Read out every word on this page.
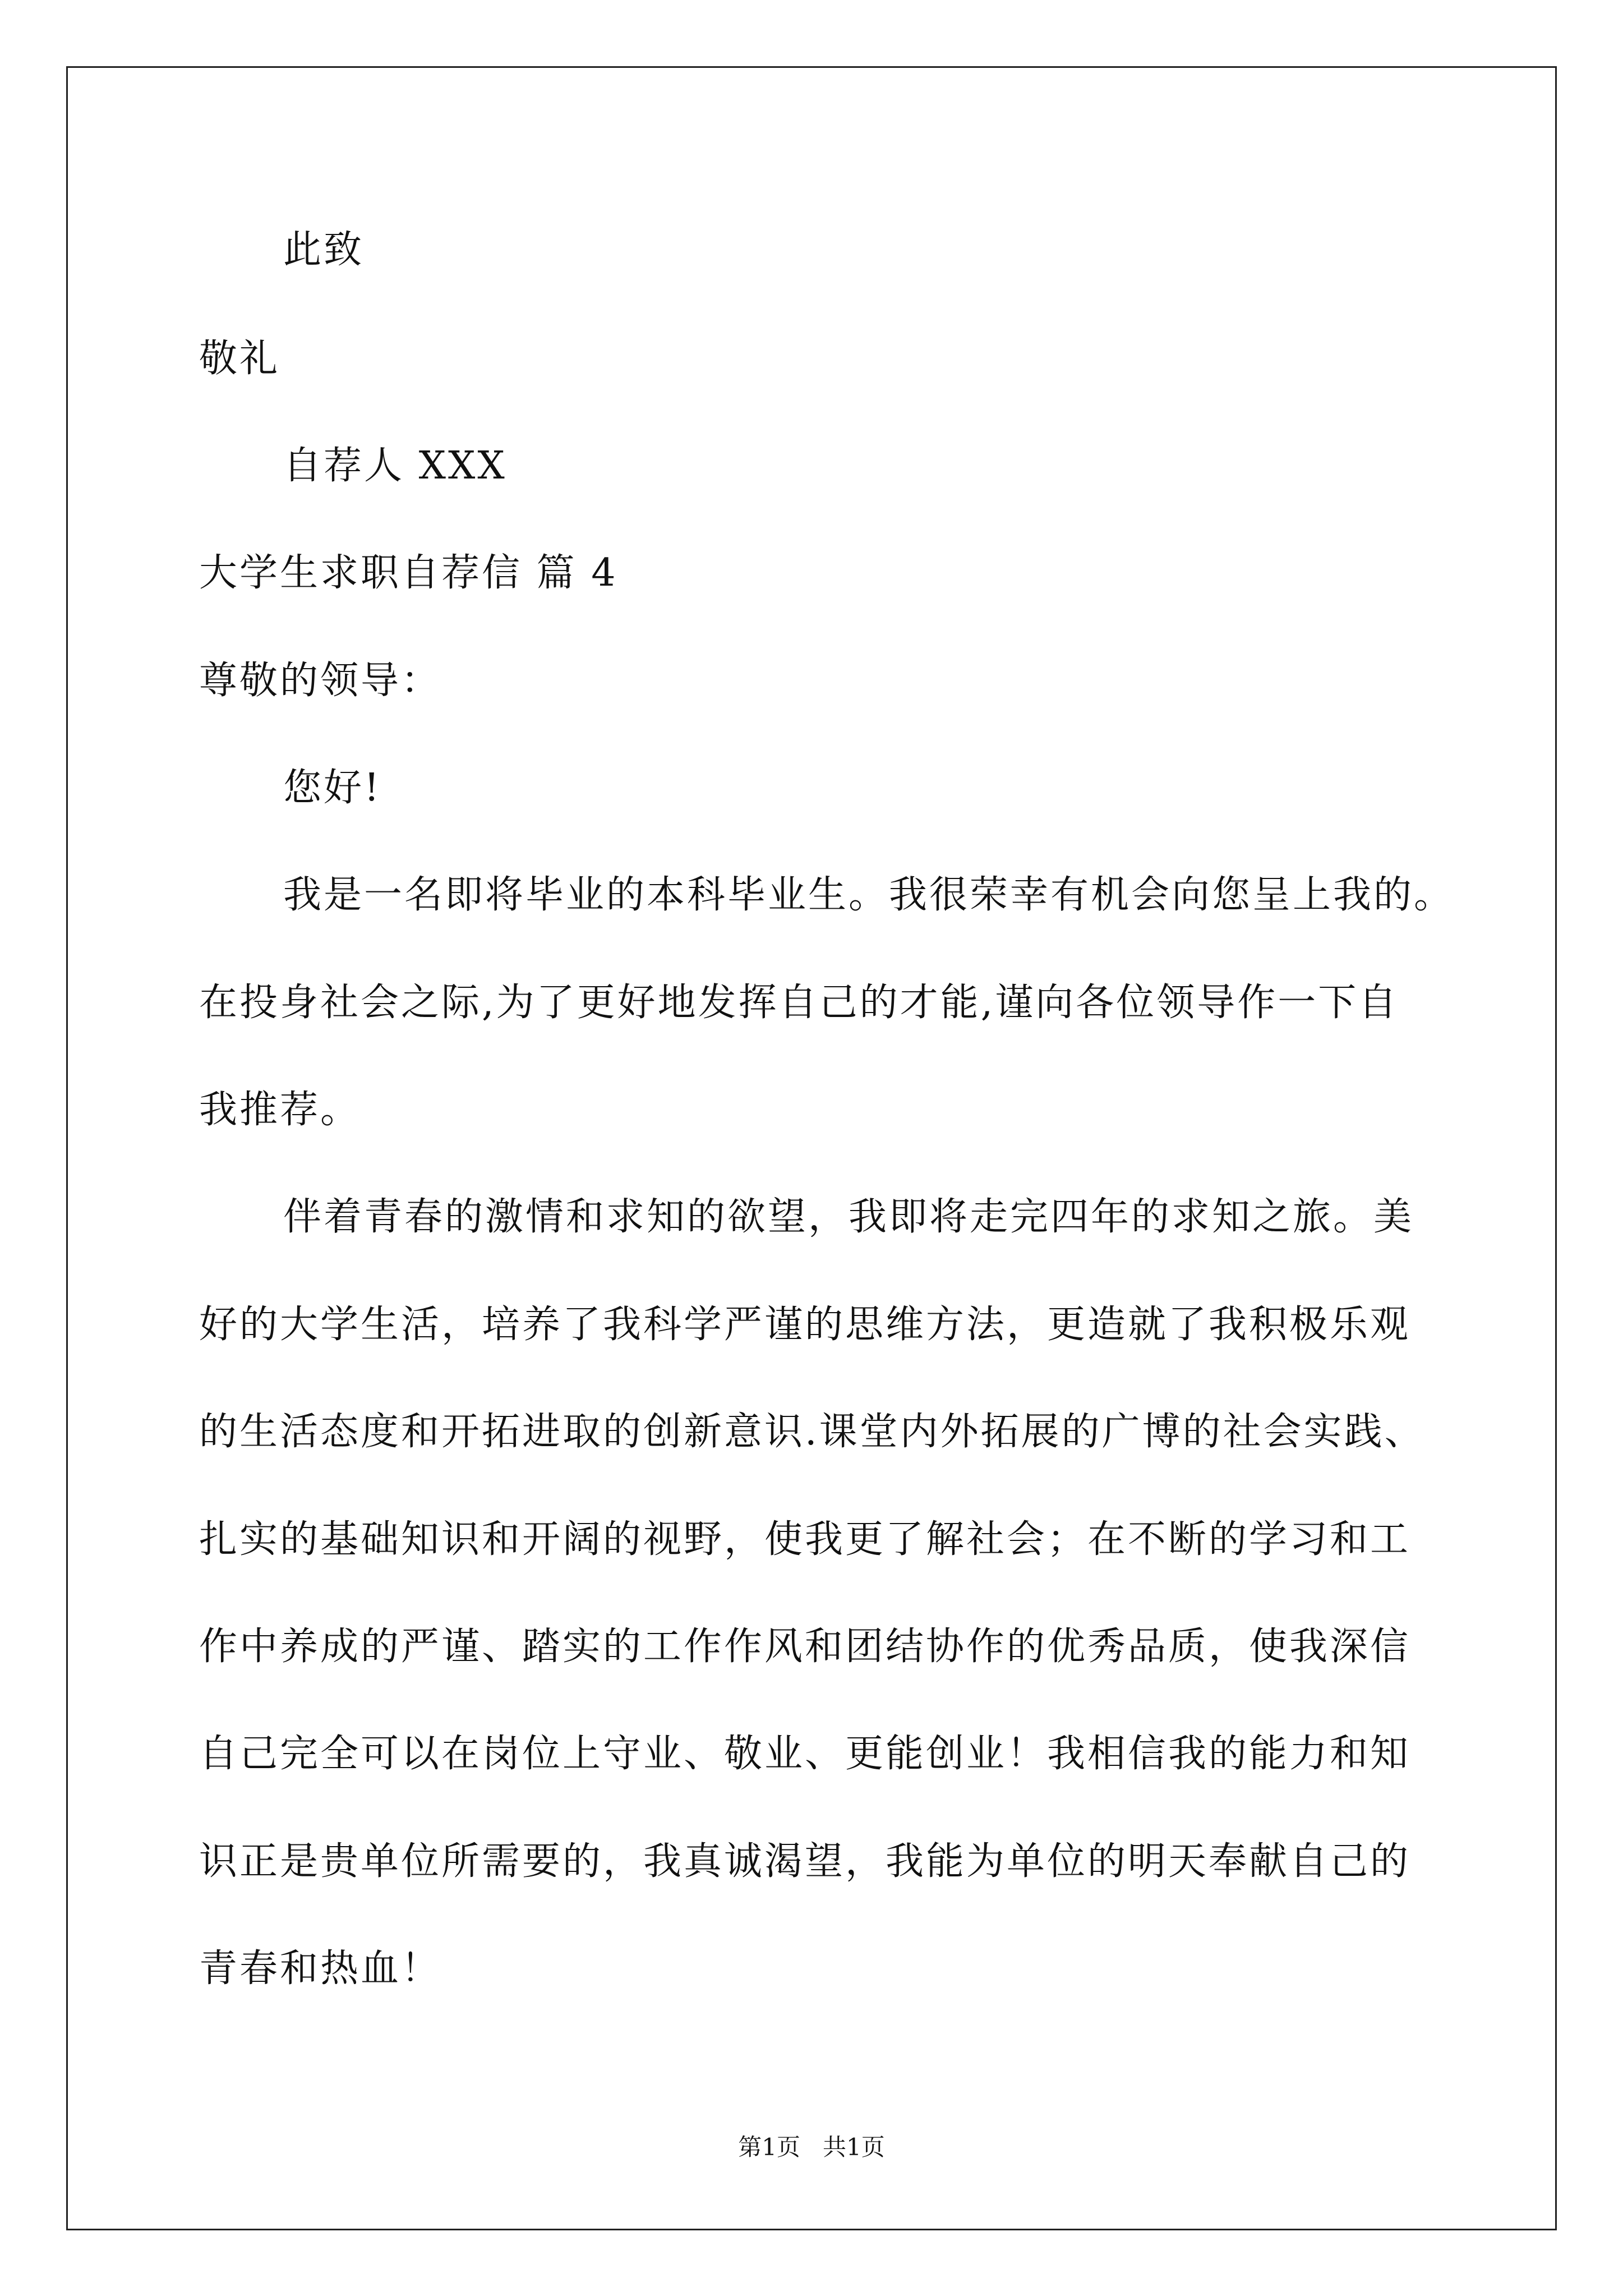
此致
敬礼
自荐人 XXX
大学生求职自荐信 篇 4
尊敬的领导：
您好!
我是一名即将毕业的本科毕业生。我很荣幸有机会向您呈上我的。
在投身社会之际,为了更好地发挥自己的才能,谨向各位领导作一下自
我推荐。
伴着青春的激情和求知的欲望，我即将走完四年的求知之旅。美
好的大学生活，培养了我科学严谨的思维方法，更造就了我积极乐观
的生活态度和开拓进取的创新意识.课堂内外拓展的广博的社会实践、
扎实的基础知识和开阔的视野，使我更了解社会；在不断的学习和工
作中养成的严谨、踏实的工作作风和团结协作的优秀品质，使我深信
自己完全可以在岗位上守业、敬业、更能创业！我相信我的能力和知
识正是贵单位所需要的，我真诚渴望，我能为单位的明天奉献自己的
青春和热血！
第1页   共1页
